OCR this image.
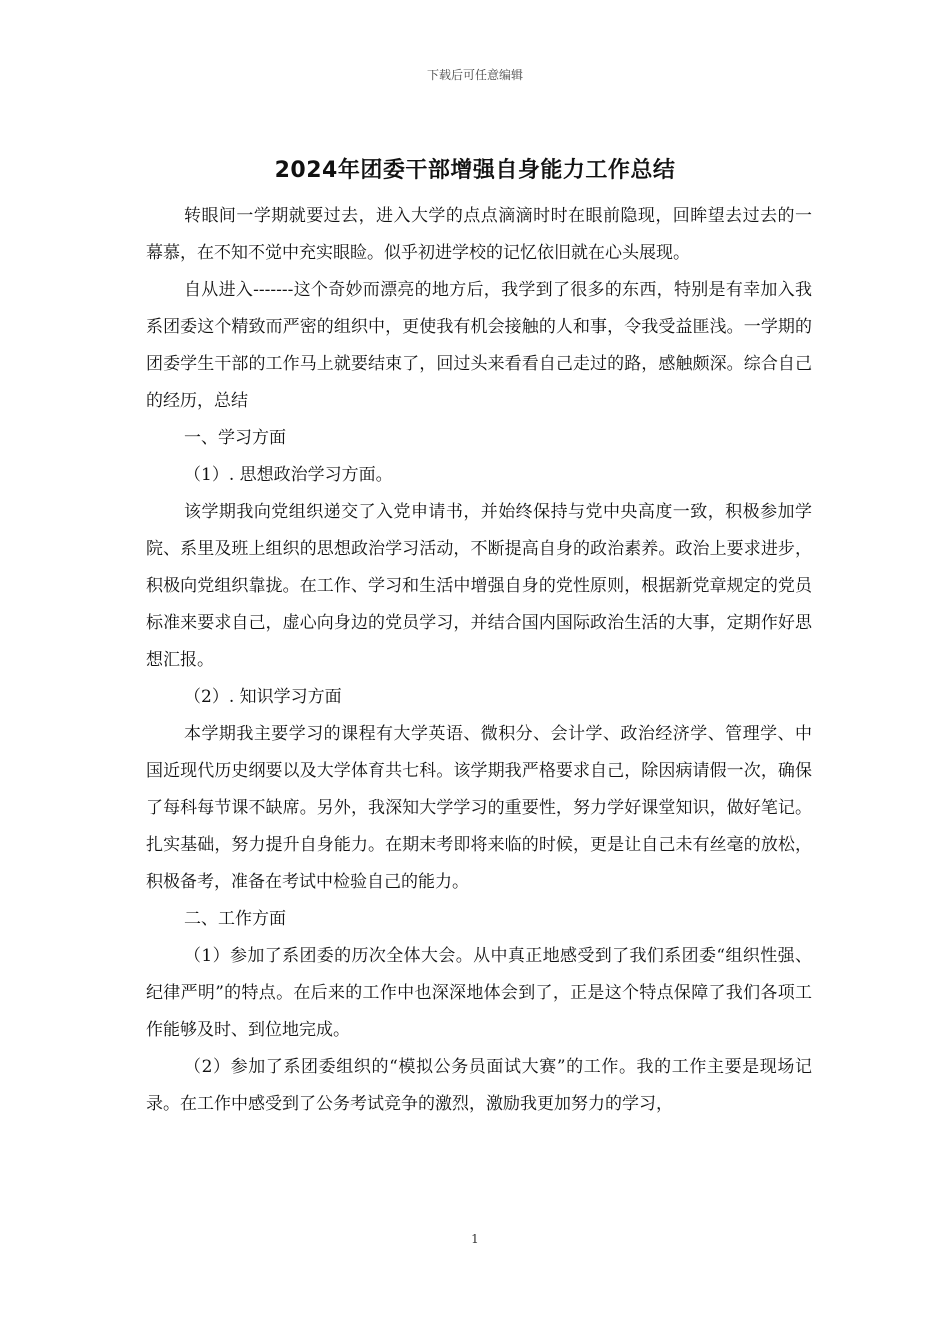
下载后可任意编辑
2024年团委干部增强自身能力工作总结

转眼间一学期就要过去，进入大学的点点滴滴时时在眼前隐现，回眸望去过去的一幕慕，在不知不觉中充实眼睑。似乎初进学校的记忆依旧就在心头展现。

自从进入-------这个奇妙而漂亮的地方后，我学到了很多的东西，特别是有幸加入我系团委这个精致而严密的组织中，更使我有机会接触的人和事，令我受益匪浅。一学期的团委学生干部的工作马上就要结束了，回过头来看看自己走过的路，感触颇深。综合自己的经历，总结

一、学习方面

（1）. 思想政治学习方面。

该学期我向党组织递交了入党申请书，并始终保持与党中央高度一致，积极参加学院、系里及班上组织的思想政治学习活动，不断提高自身的政治素养。政治上要求进步，积极向党组织靠拢。在工作、学习和生活中增强自身的党性原则，根据新党章规定的党员标准来要求自己，虚心向身边的党员学习，并结合国内国际政治生活的大事，定期作好思想汇报。

（2）. 知识学习方面

本学期我主要学习的课程有大学英语、微积分、会计学、政治经济学、管理学、中国近现代历史纲要以及大学体育共七科。该学期我严格要求自己，除因病请假一次，确保了每科每节课不缺席。另外，我深知大学学习的重要性，努力学好课堂知识，做好笔记。扎实基础，努力提升自身能力。在期末考即将来临的时候，更是让自己未有丝毫的放松，积极备考，准备在考试中检验自己的能力。

二、工作方面

（1）参加了系团委的历次全体大会。从中真正地感受到了我们系团委“组织性强、纪律严明”的特点。在后来的工作中也深深地体会到了，正是这个特点保障了我们各项工作能够及时、到位地完成。

（2）参加了系团委组织的“模拟公务员面试大赛”的工作。我的工作主要是现场记录。在工作中感受到了公务考试竞争的激烈，激励我更加努力的学习，

1
